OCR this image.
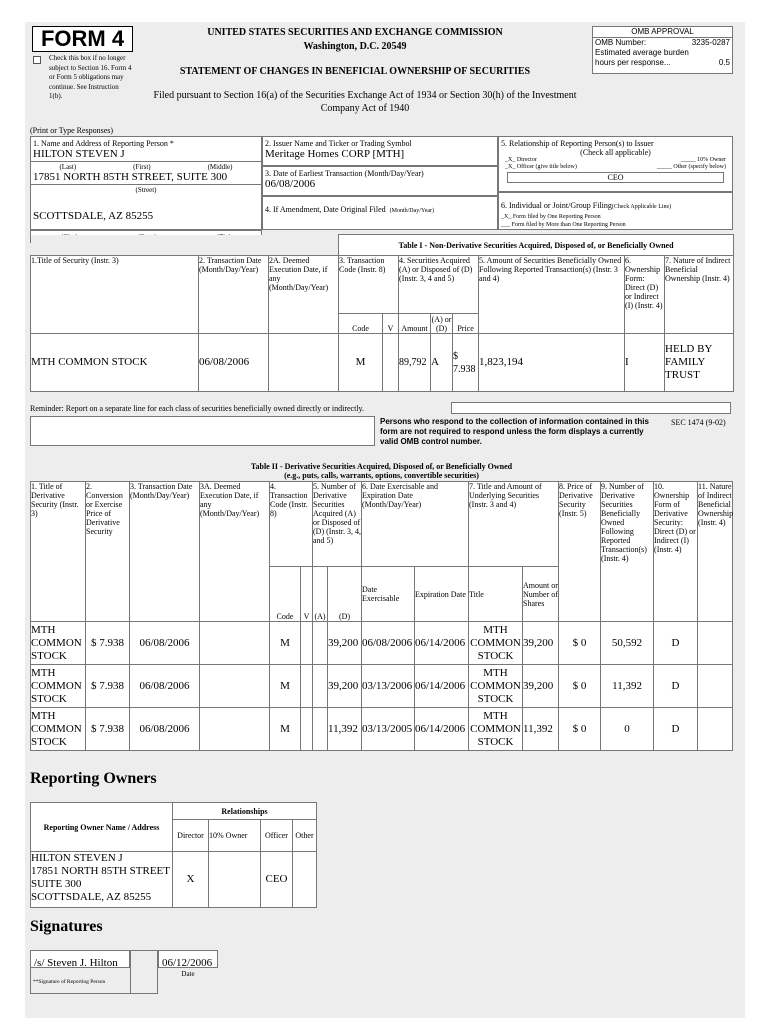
FORM 4
Check this box if no longer subject to Section 16. Form 4 or Form 5 obligations may continue. See Instruction 1(b).
UNITED STATES SECURITIES AND EXCHANGE COMMISSION
Washington, D.C. 20549
STATEMENT OF CHANGES IN BENEFICIAL OWNERSHIP OF SECURITIES
Filed pursuant to Section 16(a) of the Securities Exchange Act of 1934 or Section 30(h) of the Investment
Company Act of 1940
OMB APPROVAL
OMB Number:	3235-0287
Estimated average burden
hours per response...	0.5
(Print or Type Responses)
1. Name and Address of Reporting Person *
HILTON STEVEN J
(Last)	(First)	(Middle)
17851 NORTH 85TH STREET, SUITE 300
(Street)
SCOTTSDALE, AZ 85255
2. Issuer Name and Ticker or Trading Symbol
Meritage Homes CORP [MTH]
3. Date of Earliest Transaction (Month/Day/Year)
06/08/2006
4. If Amendment, Date Original Filed (Month/Day/Year)
5. Relationship of Reporting Person(s) to Issuer
(Check all applicable)
_X_ Director	_____ 10% Owner
_X_ Officer (give title below)	_____ Other (specify below)
CEO
6. Individual or Joint/Group Filing(Check Applicable Line)
_X_ Form filed by One Reporting Person
___ Form filed by More than One Reporting Person
			Table I - Non-Derivative Securities Acquired, Disposed of, or Beneficially Owned							
1.Title of Security (Instr. 3)	2. Transaction Date (Month/Day/Year)	2A. Deemed Execution Date, if any (Month/Day/Year)	3. Transaction Code (Instr. 8)		4. Securities Acquired (A) or Disposed of (D) (Instr. 3, 4 and 5)			5. Amount of Securities Beneficially Owned Following Reported Transaction(s) (Instr. 3 and 4)	6. Ownership Form: Direct (D) or Indirect (I) (Instr. 4)	7. Nature of Indirect Beneficial Ownership (Instr. 4)
			Code	V	Amount	(A) or (D)	Price			
MTH COMMON STOCK	06/08/2006		M		89,792	A	$ 7.938	1,823,194	I	HELD BY FAMILY TRUST
Reminder: Report on a separate line for each class of securities beneficially owned directly or indirectly.
Persons who respond to the collection of information contained in this form are not required to respond unless the form displays a currently valid OMB control number.
SEC 1474 (9-02)
Table II - Derivative Securities Acquired, Disposed of, or Beneficially Owned
(e.g., puts, calls, warrants, options, convertible securities)
1. Title of Derivative Security (Instr. 3)	2. Conversion or Exercise Price of Derivative Security	3. Transaction Date (Month/Day/Year)	3A. Deemed Execution Date, if any (Month/Day/Year)	4. Transaction Code (Instr. 8)		5. Number of Derivative Securities Acquired (A) or Disposed of (D) (Instr. 3, 4, and 5)		6. Date Exercisable and Expiration Date (Month/Day/Year)		7. Title and Amount of Underlying Securities (Instr. 3 and 4)		8. Price of Derivative Security (Instr. 5)	9. Number of Derivative Securities Beneficially Owned Following Reported Transaction(s) (Instr. 4)	10. Ownership Form of Derivative Security: Direct (D) or Indirect (I) (Instr. 4)	11. Nature of Indirect Beneficial Ownership (Instr. 4)
				Code	V	(A)	(D)	Date Exercisable	Expiration Date	Title	Amount or Number of Shares				
MTH COMMON STOCK	$ 7.938	06/08/2006		M			39,200	06/08/2006	06/14/2006	MTH COMMON STOCK	39,200	$ 0	50,592	D	
MTH COMMON STOCK	$ 7.938	06/08/2006		M			39,200	03/13/2006	06/14/2006	MTH COMMON STOCK	39,200	$ 0	11,392	D	
MTH COMMON STOCK	$ 7.938	06/08/2006		M			11,392	03/13/2005	06/14/2006	MTH COMMON STOCK	11,392	$ 0	0	D	
Reporting Owners
Reporting Owner Name / Address	Relationships			
	Director	10% Owner	Officer	Other

HILTON STEVEN J
17851 NORTH 85TH STREET
SUITE 300
SCOTTSDALE, AZ 85255	X		CEO	
Signatures
/s/ Steven J. Hilton
**Signature of Reporting Person
06/12/2006
Date
